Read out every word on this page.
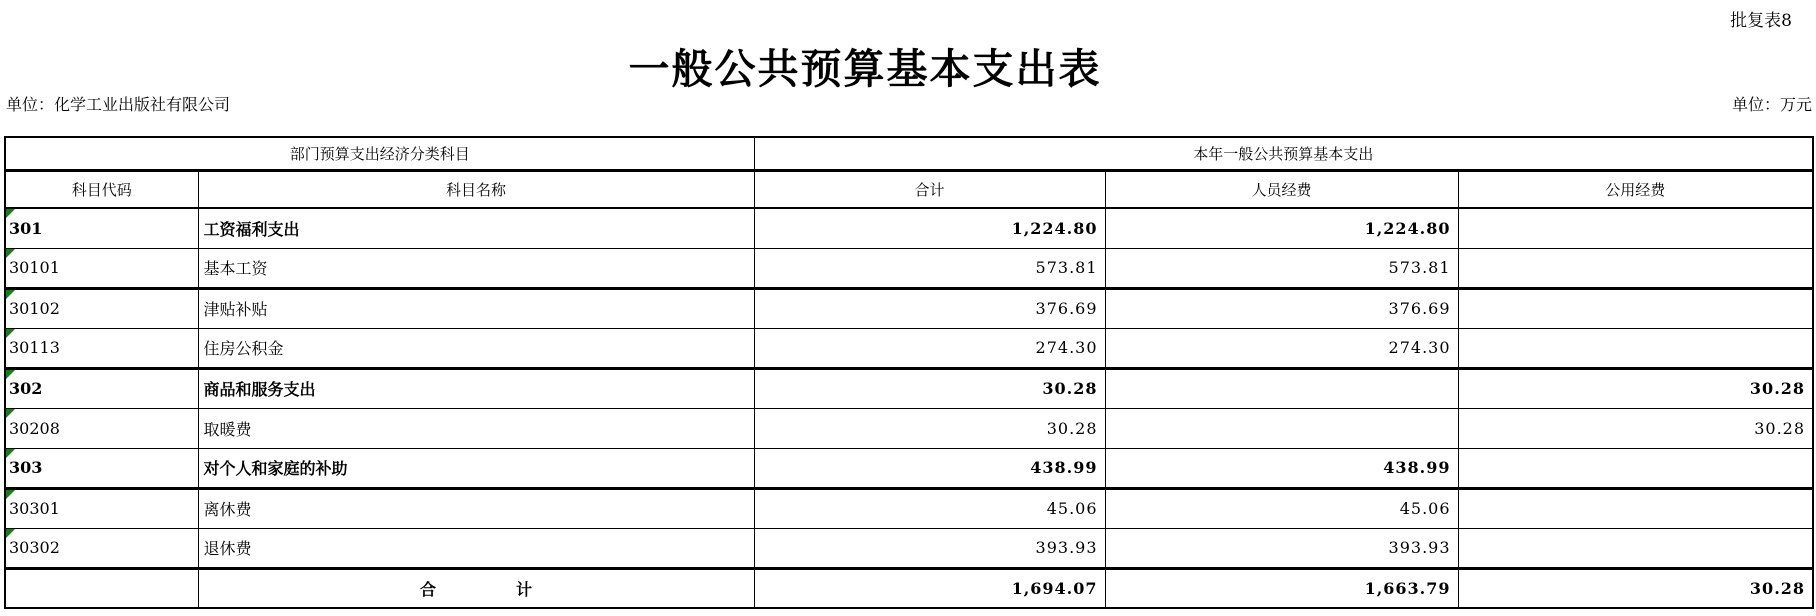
批复表8
一般公共预算基本支出表
单位：化学工业出版社有限公司	单位：万元
部门预算支出经济分类科目		本年一般公共预算基本支出		
科目代码	科目名称	合计	人员经费	公用经费

301	工资福利支出	1,224.80	1,224.80	

30101	基本工资	573.81	573.81	

30102	津贴补贴	376.69	376.69	

30113	住房公积金	274.30	274.30	

302	商品和服务支出	30.28		30.28

30208	取暖费	30.28		30.28

303	对个人和家庭的补助	438.99	438.99	

30301	离休费	45.06	45.06	

30302	退休费	393.93	393.93	
	合　　　　　计	1,694.07	1,663.79	30.28
